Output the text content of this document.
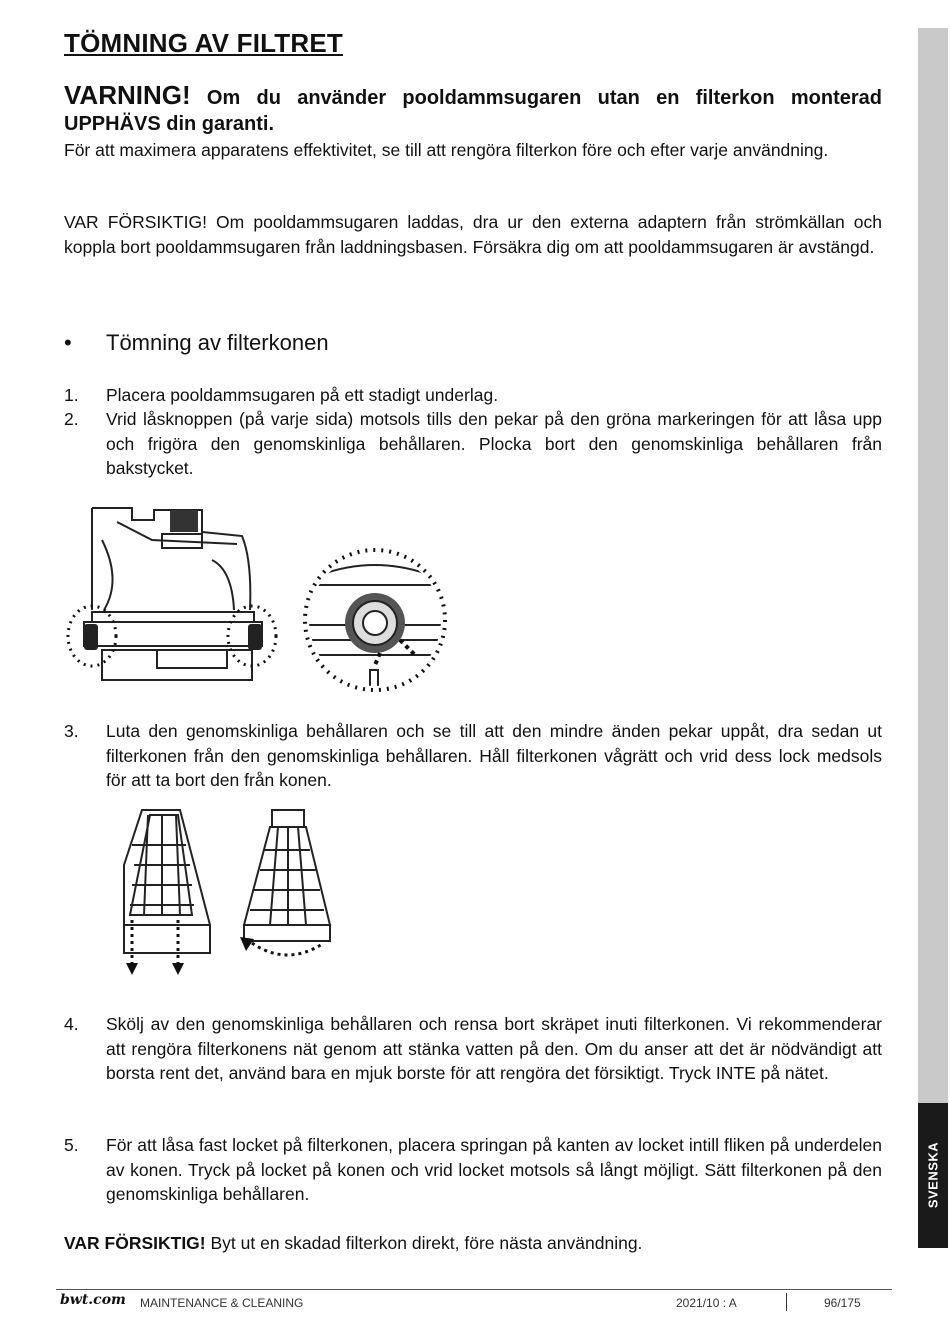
TÖMNING AV FILTRET
VARNING! Om du använder pooldammsugaren utan en filterkon monterad UPPHÄVS din garanti.

För att maximera apparatens effektivitet, se till att rengöra filterkon före och efter varje användning.

VAR FÖRSIKTIG! Om pooldammsugaren laddas, dra ur den externa adaptern från strömkällan och koppla bort pooldammsugaren från laddningsbasen. Försäkra dig om att pooldammsugaren är avstängd.

• Tömning av filterkonen
1. Placera pooldammsugaren på ett stadigt underlag.
2. Vrid låsknoppen (på varje sida) motsols tills den pekar på den gröna markeringen för att låsa upp och frigöra den genomskinliga behållaren. Plocka bort den genomskinliga behållaren från bakstycket.
3. Luta den genomskinliga behållaren och se till att den mindre änden pekar uppåt, dra sedan ut filterkonen från den genomskinliga behållaren. Håll filterkonen vågrätt och vrid dess lock medsols för att ta bort den från konen.
4. Skölj av den genomskinliga behållaren och rensa bort skräpet inuti filterkonen. Vi rekommenderar att rengöra filterkonens nät genom att stänka vatten på den. Om du anser att det är nödvändigt att borsta rent det, använd bara en mjuk borste för att rengöra det försiktigt. Tryck INTE på nätet.
5. För att låsa fast locket på filterkonen, placera springan på kanten av locket intill fliken på underdelen av konen. Tryck på locket på konen och vrid locket motsols så långt möjligt. Sätt filterkonen på den genomskinliga behållaren.
VAR FÖRSIKTIG! Byt ut en skadad filterkon direkt, före nästa användning.
SVENSKA
bwt.com MAINTENANCE & CLEANING	2021/10 : A	96/175
